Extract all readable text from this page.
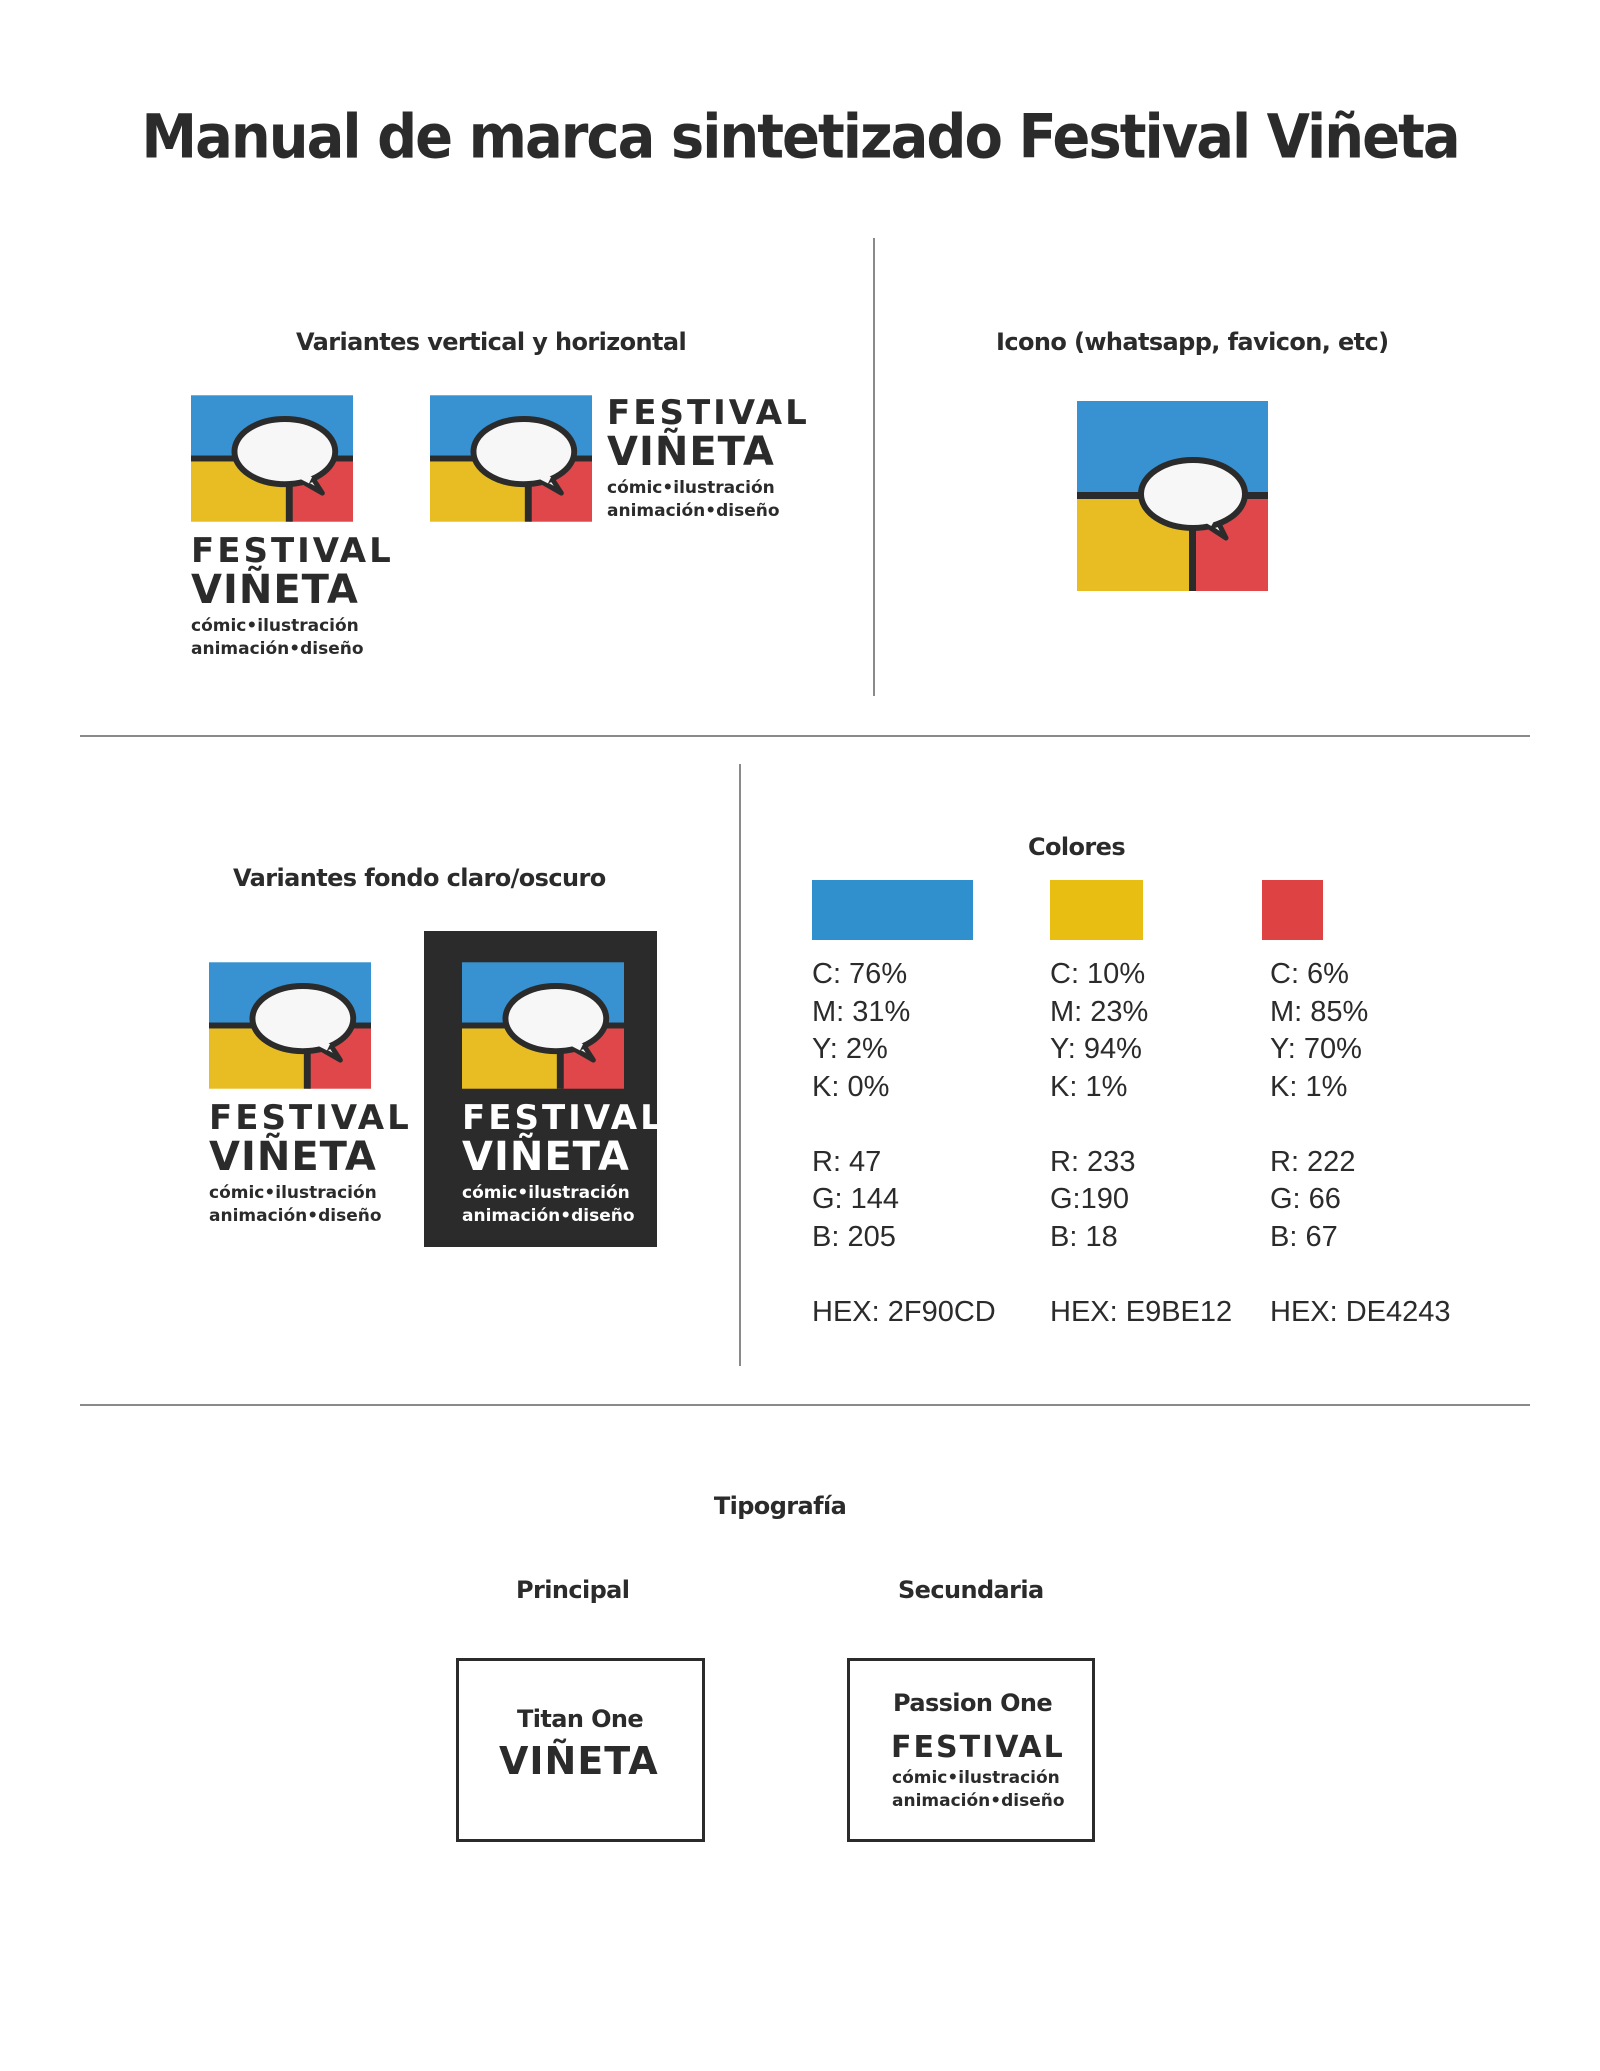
Manual de marca sintetizado Festival Viñeta
Variantes vertical y horizontal
FESTIVAL
VIÑETA
cómic•ilustración
animación•diseño
FESTIVAL
VIÑETA
cómic•ilustración
animación•diseño
Icono (whatsapp, favicon, etc)
Variantes fondo claro/oscuro
FESTIVAL
VIÑETA
cómic•ilustración
animación•diseño
FESTIVAL
VIÑETA
cómic•ilustración
animación•diseño
Colores
C: 76%
M: 31%
Y: 2%
K: 0%
R: 47
G: 144
B: 205
HEX: 2F90CD
C: 10%
M: 23%
Y: 94%
K: 1%
R: 233
G:190
B: 18
HEX: E9BE12
C: 6%
M: 85%
Y: 70%
K: 1%
R: 222
G: 66
B: 67
HEX: DE4243
Tipografía
Principal	Secundaria
Titan One
VIÑETA
Passion One
FESTIVAL
cómic•ilustración
animación•diseño
